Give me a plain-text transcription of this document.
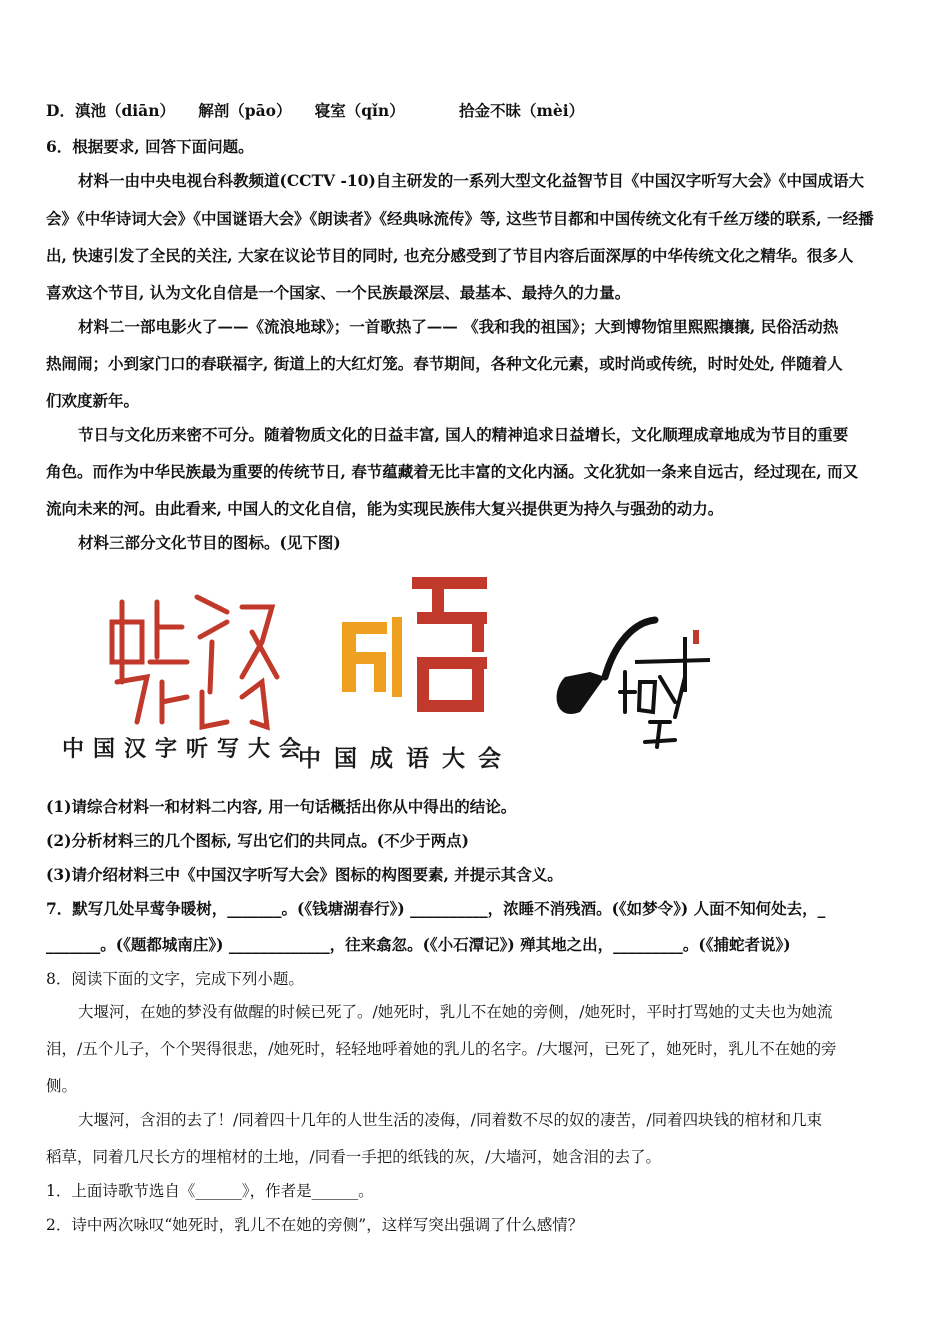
D．滇池（diān）　　解剖（pāo）　　寝室（qǐn）　　　　拾金不昧（mèi）
6．根据要求, 回答下面问题。
材料一由中央电视台科教频道(CCTV -10)自主研发的一系列大型文化益智节目《中国汉字听写大会》《中国成语大
会》《中华诗词大会》《中国谜语大会》《朗读者》《经典咏流传》等, 这些节目都和中国传统文化有千丝万缕的联系, 一经播
出, 快速引发了全民的关注, 大家在议论节目的同时, 也充分感受到了节目内容后面深厚的中华传统文化之精华。很多人
喜欢这个节目, 认为文化自信是一个国家、一个民族最深层、最基本、最持久的力量。
材料二一部电影火了——《流浪地球》；一首歌热了—— 《我和我的祖国》；大到博物馆里熙熙攘攘, 民俗活动热
热闹闹；小到家门口的春联福字, 街道上的大红灯笼。春节期间，各种文化元素，或时尚或传统，时时处处, 伴随着人
们欢度新年。
节日与文化历来密不可分。随着物质文化的日益丰富, 国人的精神追求日益增长，文化顺理成章地成为节目的重要
角色。而作为中华民族最为重要的传统节日, 春节蕴藏着无比丰富的文化内涵。文化犹如一条来自远古，经过现在, 而又
流向未来的河。由此看来, 中国人的文化自信，能为实现民族伟大复兴提供更为持久与强劲的动力。
材料三部分文化节目的图标。(见下图)
中国汉字听写大会
中国成语大会
中国诗词大会
(1)请综合材料一和材料二内容, 用一句话概括出你从中得出的结论。
(2)分析材料三的几个图标, 写出它们的共同点。(不少于两点)
(3)请介绍材料三中《中国汉字听写大会》图标的构图要素, 并提示其含义。
7．默写几处早莺争暖树，_______。(《钱塘湖春行》) __________，浓睡不消残酒。(《如梦令》) 人面不知何处去，_
_______。(《题都城南庄》) _____________，往来翕忽。(《小石潭记》) 殚其地之出，_________。(《捕蛇者说》)
8．阅读下面的文字，完成下列小题。
大堰河，在她的梦没有做醒的时候已死了。/她死时，乳儿不在她的旁侧，/她死时，平时打骂她的丈夫也为她流
泪，/五个儿子，个个哭得很悲，/她死时，轻轻地呼着她的乳儿的名字。/大堰河，已死了，她死时，乳儿不在她的旁
侧。
大堰河，含泪的去了！/同着四十几年的人世生活的凌侮，/同着数不尽的奴的凄苦，/同着四块钱的棺材和几束
稻草，同着几尺长方的埋棺材的土地，/同看一手把的纸钱的灰，/大墙河，她含泪的去了。
1．上面诗歌节选自《______》，作者是______。
2．诗中两次咏叹“她死时，乳儿不在她的旁侧”，这样写突出强调了什么感情？
